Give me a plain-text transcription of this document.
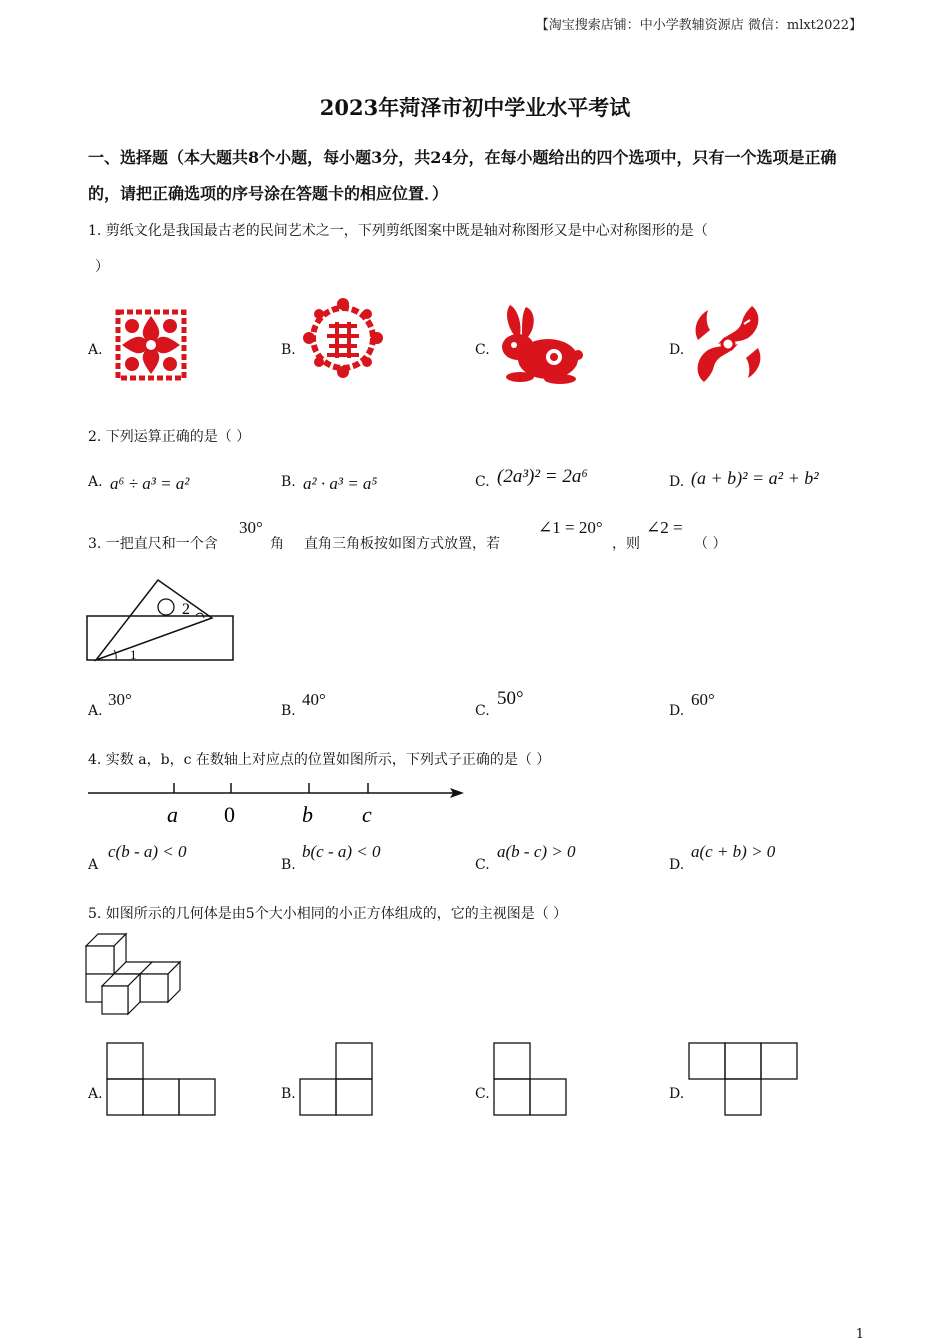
【淘宝搜索店铺：中小学教辅资源店 微信：mlxt2022】
2023年菏泽市初中学业水平考试
一、选择题（本大题共8个小题，每小题3分，共24分，在每小题给出的四个选项中，只有一个选项是正确的，请把正确选项的序号涂在答题卡的相应位置．）
1. 剪纸文化是我国最古老的民间艺术之一，下列剪纸图案中既是轴对称图形又是中心对称图形的是（
）
A.	B.	C.	D.
2. 下列运算正确的是（ ）
A. a⁶ ÷ a³ = a²	B. a² · a³ = a⁵	C. (2a³)² = 2a⁶	D. (a + b)² = a² + b²
3. 一把直尺和一个含
30°
角 直角三角板按如图方式放置，若
∠1 = 20°
，则
∠2 =
（ ）
2
1
A.
30°
B.
40°
C.
50°
D.
60°
4. 实数 a，b，c 在数轴上对应点的位置如图所示，下列式子正确的是（ ）
a 0	b c
A
c(b - a) < 0
B.
b(c - a) < 0
C.
a(b - c) > 0
D.
a(c + b) > 0
5. 如图所示的几何体是由5个大小相同的小正方体组成的，它的主视图是（ ）
A.	B.	C.	D.
1
